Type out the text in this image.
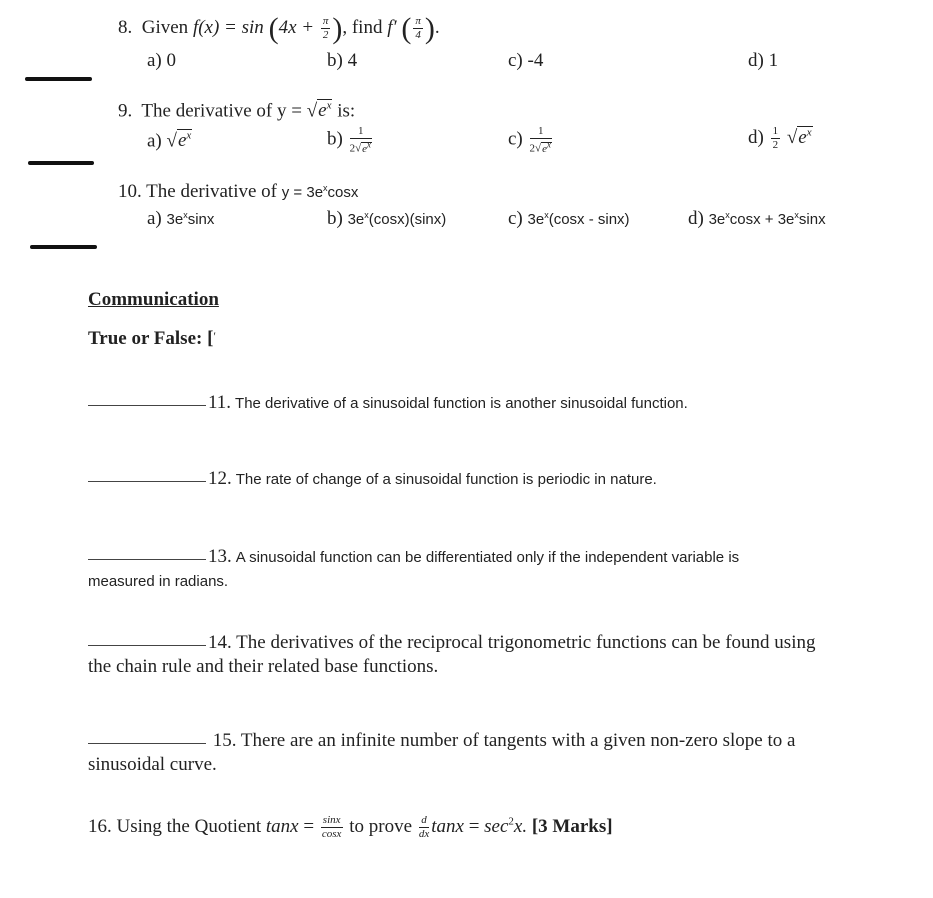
8. Given $f(x) = \sin (4x + \frac{\pi}{2}$ ), find f′ ( $\frac{\pi}{4}$ ).
a) 0	b) 4	c) -4	d) 1
9. The derivative of $y = √e^x$ is:
a) $√e^x$	$b) \frac{1}{2√e^x}$	$c) \frac{1}{2√e^x}$	$d) \frac{1}{2} √e^x$
10. The derivative of $y = 3e^x\cos x$
a) $3e^x\sin x$	b) $3e^x(\cos x)(\sin x)$	c) $3e^x(\cos x - \sin x)$	d) $3e^x\cos x + 3e^x\sin x$
Communication
True or False: [′
11. The derivative of a sinusoidal function is another sinusoidal function.
12. The rate of change of a sinusoidal function is periodic in nature.
13. A sinusoidal function can be differentiated only if the independent variable is
measured in radians.
14. The derivatives of the reciprocal trigonometric functions can be found using
the chain rule and their related base functions.
15. There are an infinite number of tangents with a given non-zero slope to a
sinusoidal curve.
16. Using the Quotient $\tan x = \frac{\sin x}{\cos x}$ to prove $\frac{d}{dx}$ $\tan x = \sec^2x$. [3 Marks]
